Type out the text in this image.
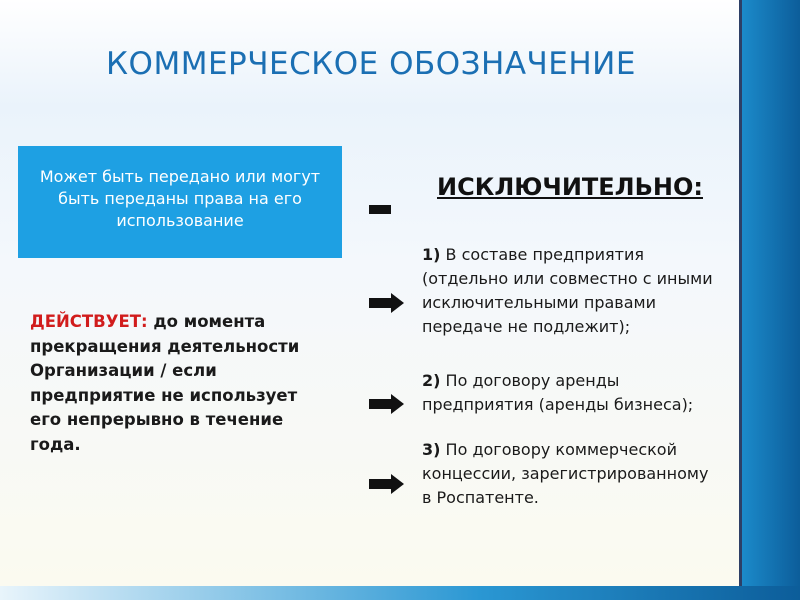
КОММЕРЧЕСКОЕ ОБОЗНАЧЕНИЕ
Может быть передано или могут быть переданы права на его использование
ДЕЙСТВУЕТ: до момента прекращения деятельности Организации / если предприятие не использует его непрерывно в течение года.
ИСКЛЮЧИТЕЛЬНО:
1) В составе предприятия (отдельно или совместно с иными исключительными правами передаче не подлежит);
2) По договору аренды предприятия (аренды бизнеса);
3) По договору коммерческой концессии, зарегистрированному в Роспатенте.
